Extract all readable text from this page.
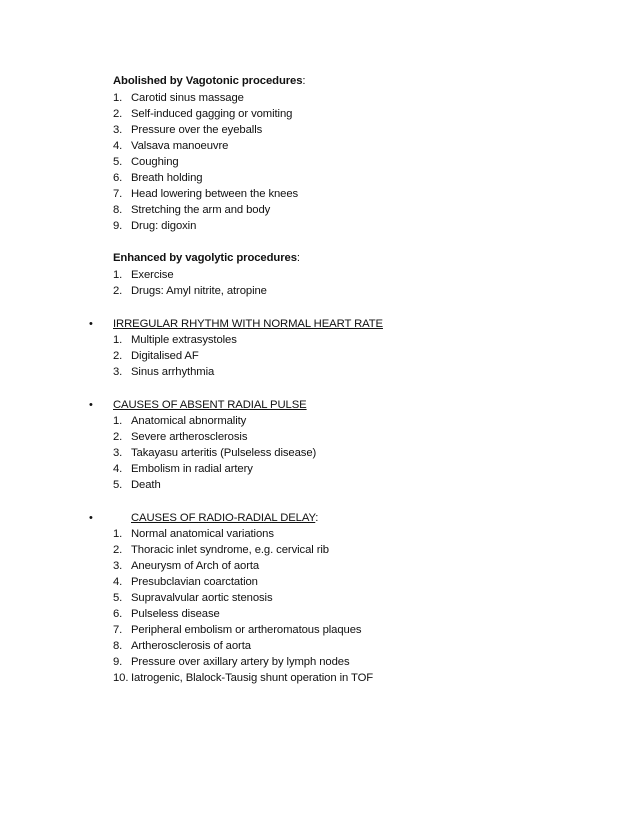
Abolished by Vagotonic procedures:
1. Carotid sinus massage
2. Self-induced gagging or vomiting
3. Pressure over the eyeballs
4. Valsava manoeuvre
5. Coughing
6. Breath holding
7. Head lowering between the knees
8. Stretching the arm and body
9. Drug: digoxin
Enhanced by vagolytic procedures:
1. Exercise
2. Drugs: Amyl nitrite, atropine
• IRREGULAR RHYTHM WITH NORMAL HEART RATE
1. Multiple extrasystoles
2. Digitalised AF
3. Sinus arrhythmia
• CAUSES OF ABSENT RADIAL PULSE
1. Anatomical abnormality
2. Severe artherosclerosis
3. Takayasu arteritis (Pulseless disease)
4. Embolism in radial artery
5. Death
•	CAUSES OF RADIO-RADIAL DELAY:
1. Normal anatomical variations
2. Thoracic inlet syndrome, e.g. cervical rib
3. Aneurysm of Arch of aorta
4. Presubclavian coarctation
5. Supravalvular aortic stenosis
6. Pulseless disease
7. Peripheral embolism or artheromatous plaques
8. Artherosclerosis of aorta
9. Pressure over axillary artery by lymph nodes
10. Iatrogenic, Blalock-Tausig shunt operation in TOF
